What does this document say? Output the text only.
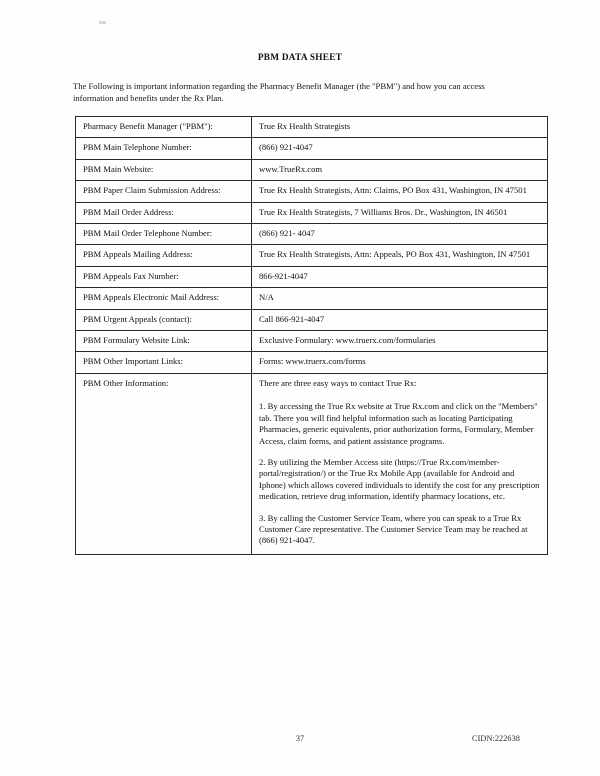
PBM DATA SHEET
The Following is important information regarding the Pharmacy Benefit Manager (the "PBM") and how you can access information and benefits under the Rx Plan.
Pharmacy Benefit Manager ("PBM"):	True Rx Health Strategists
PBM Main Telephone Number:	(866) 921-4047
PBM Main Website:	www.TrueRx.com
PBM Paper Claim Submission Address:	True Rx Health Strategists, Attn: Claims, PO Box 431, Washington, IN 47501
PBM Mail Order Address:	True Rx Health Strategists, 7 Williams Bros. Dr., Washington, IN 46501
PBM Mail Order Telephone Number:	(866) 921- 4047
PBM Appeals Mailing Address:	True Rx Health Strategists, Attn: Appeals, PO Box 431, Washington, IN 47501
PBM Appeals Fax Number:	866-921-4047
PBM Appeals Electronic Mail Address:	N/A
PBM Urgent Appeals (contact):	Call 866-921-4047
PBM Formulary Website Link:	Exclusive Formulary: www.truerx.com/formularies
PBM Other Important Links:	Forms: www.truerx.com/forms
PBM Other Information:	There are three easy ways to contact True Rx:

1. By accessing the True Rx website at True Rx.com and click on the "Members" tab. There you will find helpful information such as locating Participating Pharmacies, generic equivalents, prior authorization forms, Formulary, Member Access, claim forms, and patient assistance programs.

2. By utilizing the Member Access site (https://True Rx.com/member-portal/registration/) or the True Rx Mobile App (available for Android and Iphone) which allows covered individuals to identify the cost for any prescription medication, retrieve drug information, identify pharmacy locations, etc.

3. By calling the Customer Service Team, where you can speak to a True Rx Customer Care representative. The Customer Service Team may be reached at (866) 921-4047.

37	CIDN:222638
